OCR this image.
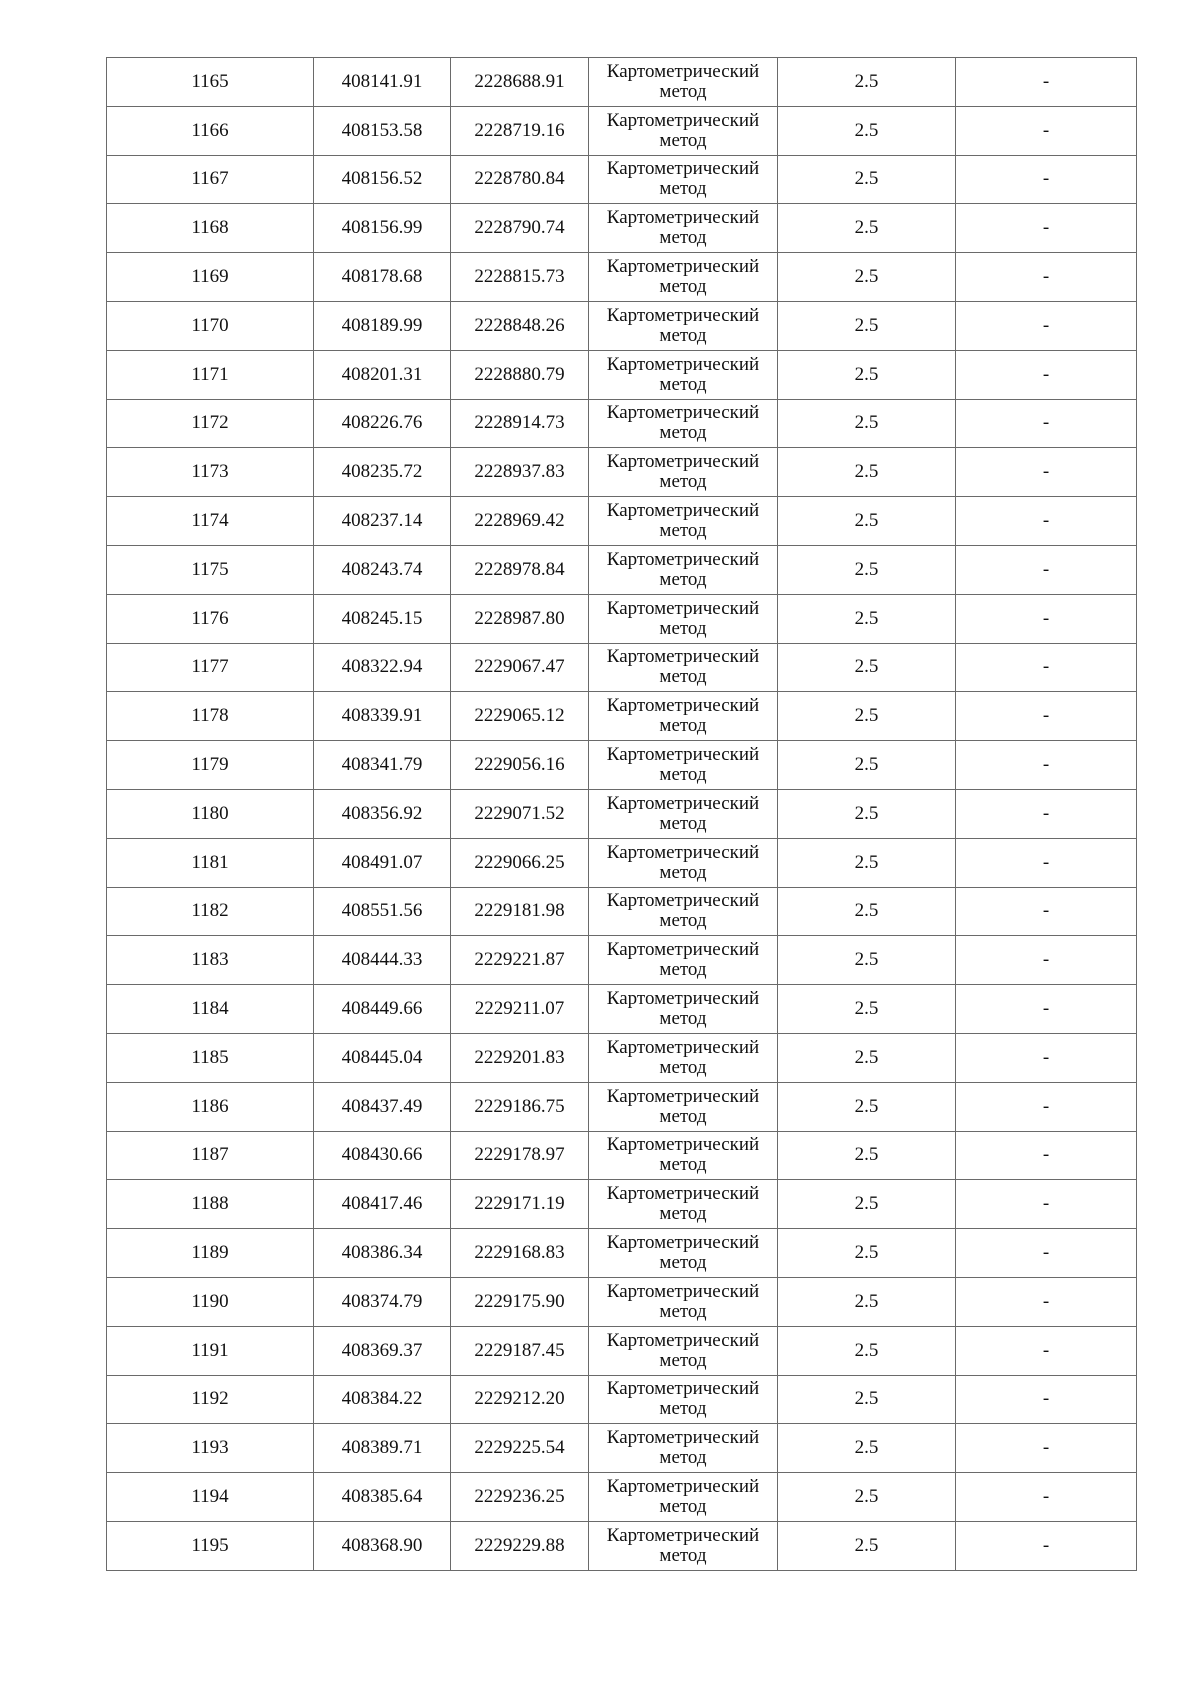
1165	408141.91	2228688.91	Картометрический
метод	2.5	-
1166	408153.58	2228719.16	Картометрический
метод	2.5	-
1167	408156.52	2228780.84	Картометрический
метод	2.5	-
1168	408156.99	2228790.74	Картометрический
метод	2.5	-
1169	408178.68	2228815.73	Картометрический
метод	2.5	-
1170	408189.99	2228848.26	Картометрический
метод	2.5	-
1171	408201.31	2228880.79	Картометрический
метод	2.5	-
1172	408226.76	2228914.73	Картометрический
метод	2.5	-
1173	408235.72	2228937.83	Картометрический
метод	2.5	-
1174	408237.14	2228969.42	Картометрический
метод	2.5	-
1175	408243.74	2228978.84	Картометрический
метод	2.5	-
1176	408245.15	2228987.80	Картометрический
метод	2.5	-
1177	408322.94	2229067.47	Картометрический
метод	2.5	-
1178	408339.91	2229065.12	Картометрический
метод	2.5	-
1179	408341.79	2229056.16	Картометрический
метод	2.5	-
1180	408356.92	2229071.52	Картометрический
метод	2.5	-
1181	408491.07	2229066.25	Картометрический
метод	2.5	-
1182	408551.56	2229181.98	Картометрический
метод	2.5	-
1183	408444.33	2229221.87	Картометрический
метод	2.5	-
1184	408449.66	2229211.07	Картометрический
метод	2.5	-
1185	408445.04	2229201.83	Картометрический
метод	2.5	-
1186	408437.49	2229186.75	Картометрический
метод	2.5	-
1187	408430.66	2229178.97	Картометрический
метод	2.5	-
1188	408417.46	2229171.19	Картометрический
метод	2.5	-
1189	408386.34	2229168.83	Картометрический
метод	2.5	-
1190	408374.79	2229175.90	Картометрический
метод	2.5	-
1191	408369.37	2229187.45	Картометрический
метод	2.5	-
1192	408384.22	2229212.20	Картометрический
метод	2.5	-
1193	408389.71	2229225.54	Картометрический
метод	2.5	-
1194	408385.64	2229236.25	Картометрический
метод	2.5	-
1195	408368.90	2229229.88	Картометрический
метод	2.5	-
